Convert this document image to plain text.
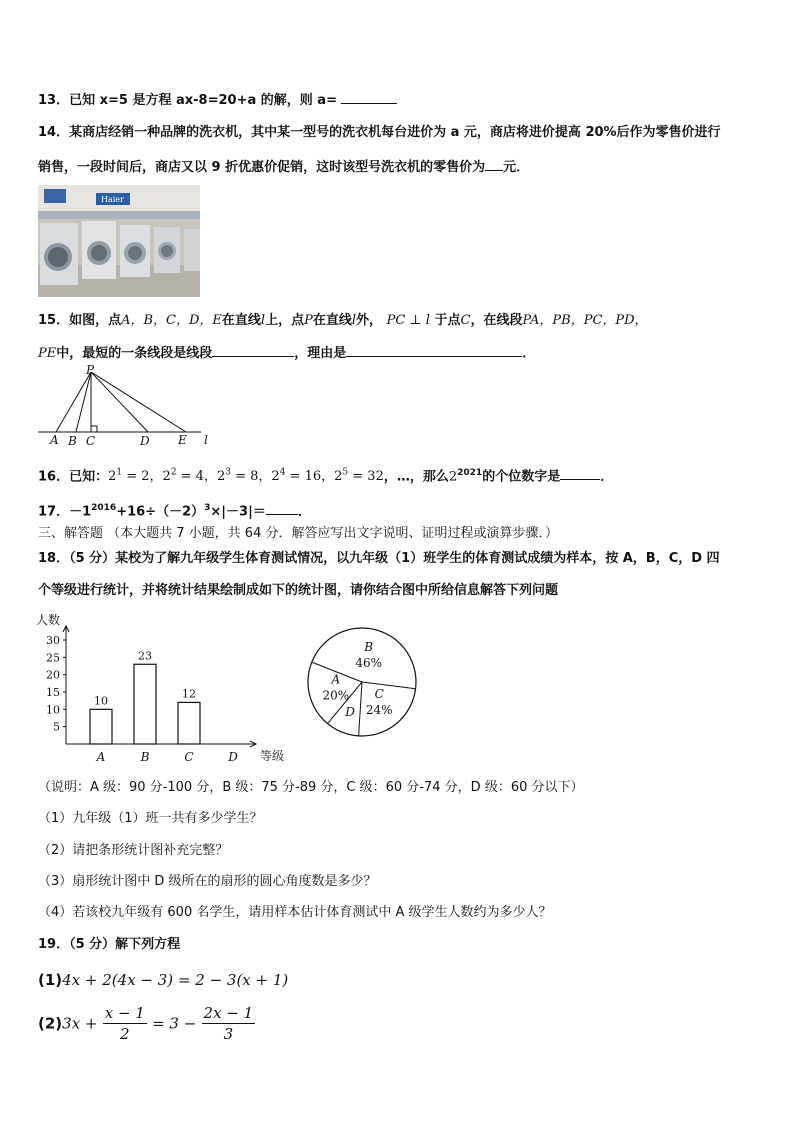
13．已知 x=5 是方程 ax-8=20+a 的解，则 a=
14．某商店经销一种品牌的洗衣机，其中某一型号的洗衣机每台进价为 a 元，商店将进价提高 20%后作为零售价进行
销售，一段时间后，商店又以 9 折优惠价促销，这时该型号洗衣机的零售价为 元．
Haier
15．如图，点A，B，C，D，E在直线l上，点P在直线l外， PC ⊥ l 于点C，在线段PA，PB，PC，PD，
PE中，最短的一条线段是线段	，理由是	．
P
A B C	D E l
16．已知：$2^1 = 2$，$2^2 = 4$，$2^3 = 8$，$2^4 = 16$，$2^5 = 32$，…，那么$2^{2021}$的个位数字是	．
17．$-1^{2016}+16\div(-2)^3\times|-3|=$ ．
三、解答题 （本大题共 7 小题，共 64 分．解答应写出文字说明、证明过程或演算步骤．）
18．（5 分）某校为了解九年级学生体育测试情况，以九年级（1）班学生的体育测试成绩为样本，按 A，B，C，D 四
个等级进行统计，并将统计结果绘制成如下的统计图，请你结合图中所给信息解答下列问题
人数
等级
5
10
15
20
25
30
10
A
23
B
12
C	D
B
46%
C
24%
D
A
20%
（说明：A 级：90 分-100 分，B 级：75 分-89 分，C 级：60 分-74 分，D 级：60 分以下）
（1）九年级（1）班一共有多少学生？
（2）请把条形统计图补充完整？
（3）扇形统计图中 D 级所在的扇形的圆心角度数是多少？
（4）若该校九年级有 600 名学生，请用样本估计体育测试中 A 级学生人数约为多少人？
19．（5 分）解下列方程
(1)4x + 2(4x − 3) = 2 − 3(x + 1)
$(2)3x + \frac{x - 1}{2} = 3 - \frac{2x - 1}{3}$
